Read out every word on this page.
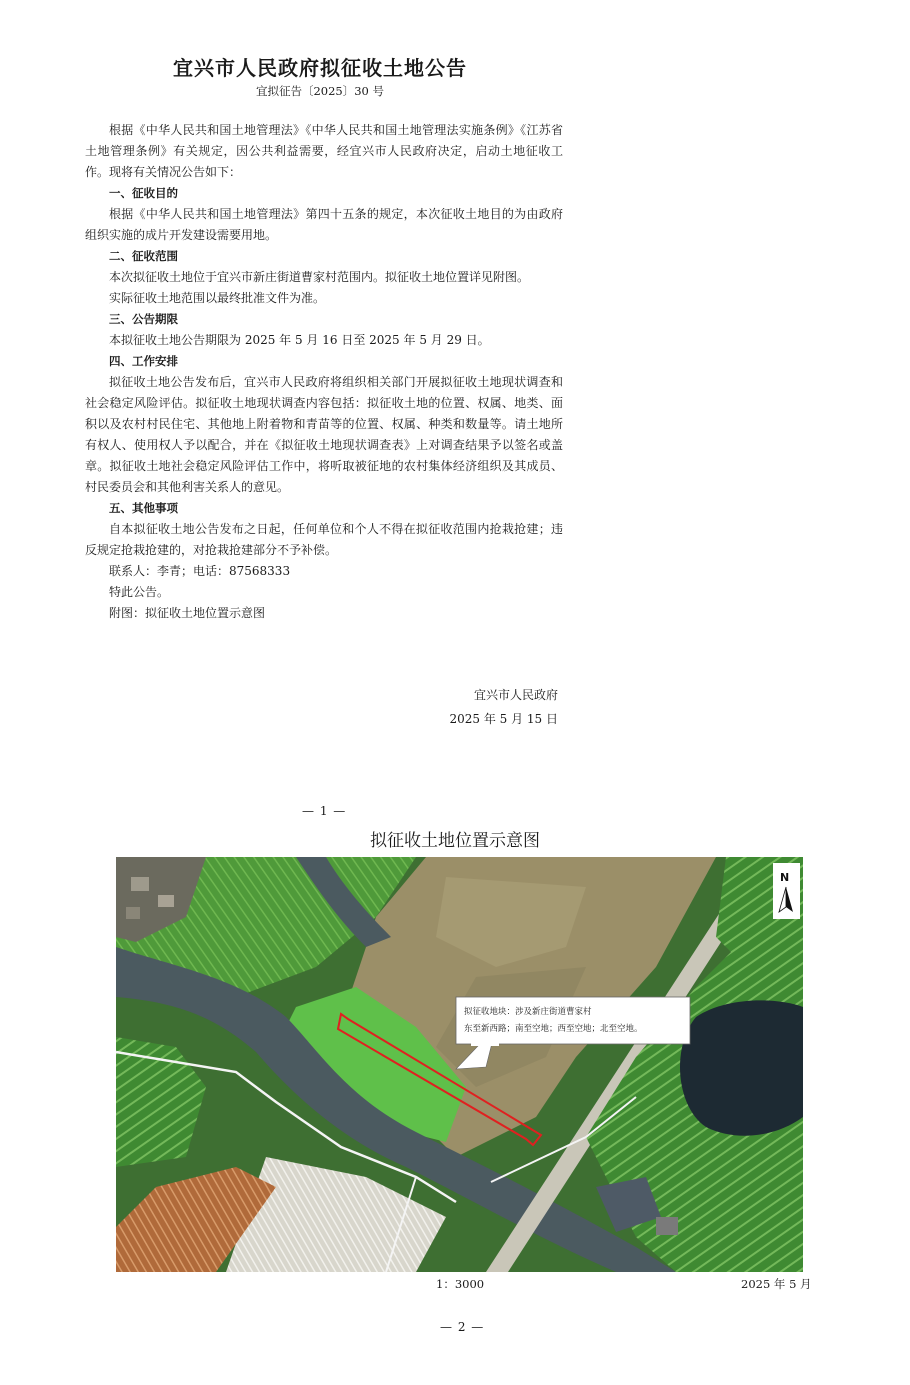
宜兴市人民政府拟征收土地公告
宜拟征告〔2025〕30 号

根据《中华人民共和国土地管理法》《中华人民共和国土地管理法实施条例》《江苏省土地管理条例》有关规定，因公共利益需要，经宜兴市人民政府决定，启动土地征收工作。现将有关情况公告如下：

一、征收目的

根据《中华人民共和国土地管理法》第四十五条的规定，本次征收土地目的为由政府组织实施的成片开发建设需要用地。

二、征收范围

本次拟征收土地位于宜兴市新庄街道曹家村范围内。拟征收土地位置详见附图。

实际征收土地范围以最终批准文件为准。

三、公告期限

本拟征收土地公告期限为 2025 年 5 月 16 日至 2025 年 5 月 29 日。

四、工作安排

拟征收土地公告发布后，宜兴市人民政府将组织相关部门开展拟征收土地现状调查和社会稳定风险评估。拟征收土地现状调查内容包括：拟征收土地的位置、权属、地类、面积以及农村村民住宅、其他地上附着物和青苗等的位置、权属、种类和数量等。请土地所有权人、使用权人予以配合，并在《拟征收土地现状调查表》上对调查结果予以签名或盖章。拟征收土地社会稳定风险评估工作中，将听取被征地的农村集体经济组织及其成员、村民委员会和其他利害关系人的意见。

五、其他事项

自本拟征收土地公告发布之日起，任何单位和个人不得在拟征收范围内抢栽抢建；违反规定抢栽抢建的，对抢栽抢建部分不予补偿。

联系人：李青；电话：87568333

特此公告。

附图：拟征收土地位置示意图

宜兴市人民政府
2025 年 5 月 15 日
— 1 —
拟征收土地位置示意图
拟征收地块：涉及新庄街道曹家村
东至新西路；南至空地；西至空地；北至空地。
N
1：3000	2025 年 5 月
— 2 —
